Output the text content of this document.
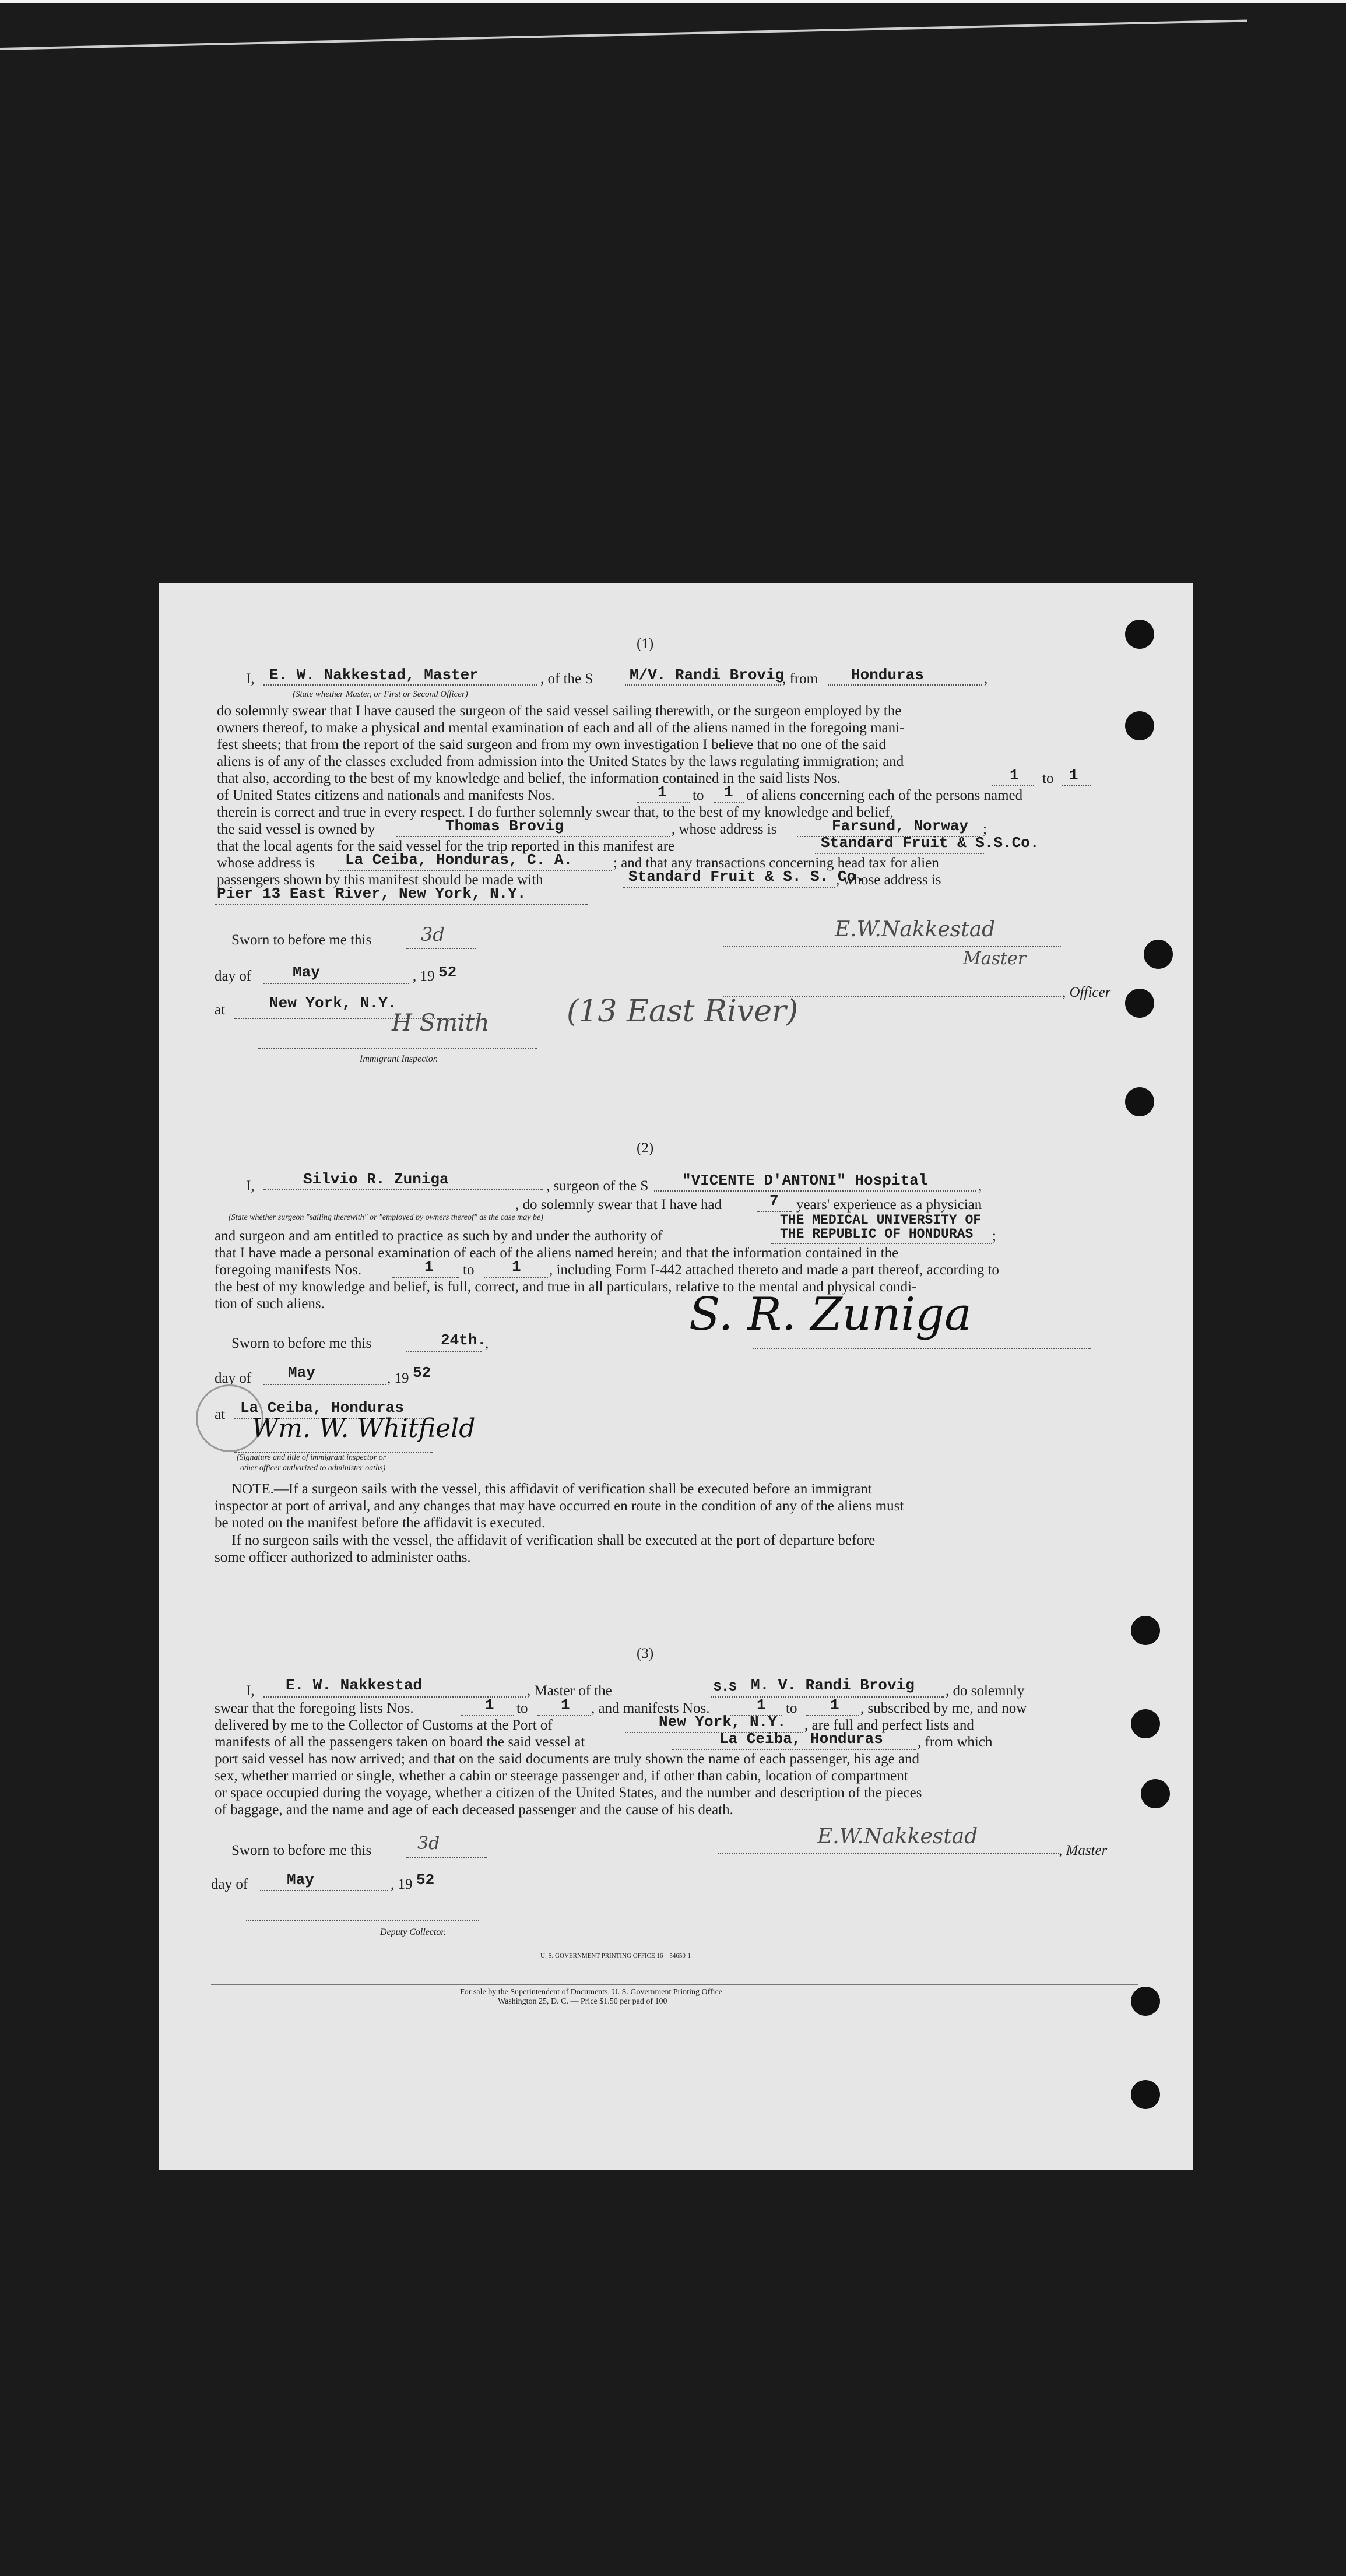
(1)
I, E. W. Nakkestad, Master	, of the S M/V. Randi Brovig
, from Honduras	,
(State whether Master, or First or Second Officer)
do solemnly swear that I have caused the surgeon of the said vessel sailing therewith, or the surgeon employed by the
owners thereof, to make a physical and mental examination of each and all of the aliens named in the foregoing mani-
fest sheets; that from the report of the said surgeon and from my own investigation I believe that no one of the said
aliens is of any of the classes excluded from admission into the United States by the laws regulating immigration; and
that also, according to the best of my knowledge and belief, the information contained in the said lists Nos.	1 to 1
of United States citizens and nationals and manifests Nos.	1 to 1 of aliens concerning each of the persons named
therein is correct and true in every respect. I do further solemnly swear that, to the best of my knowledge and belief,
the said vessel is owned by	Thomas Brovig	, whose address is	Farsund, Norway ;
that the local agents for the said vessel for the trip reported in this manifest are	Standard Fruit & S.S.Co.
whose address is La Ceiba, Honduras, C. A.	; and that any transactions concerning head tax for alien
passengers shown by this manifest should be made with	Standard Fruit & S. S. Co.
, whose address is
Pier 13 East River, New York, N.Y.
Sworn to before me this	3d	E.W.Nakkestad
Master
, Officer
day of	May	, 19 52
at	New York, N.Y.
H Smith	(13 East River)
Immigrant Inspector.
(2)
I,	Silvio R. Zuniga	, surgeon of the S "VICENTE D'ANTONI" Hospital	,
(State whether surgeon "sailing therewith" or "employed by owners thereof" as the case may be)
, do solemnly swear that I have had	7 years' experience as a physician
THE MEDICAL UNIVERSITY OF
and surgeon and am entitled to practice as such by and under the authority of	THE REPUBLIC OF HONDURAS ;
that I have made a personal examination of each of the aliens named herein; and that the information contained in the
foregoing manifests Nos.	1 to 1 , including Form I-442 attached thereto and made a part thereof, according to
the best of my knowledge and belief, is full, correct, and true in all particulars, relative to the mental and physical condi-
tion of such aliens.
Sworn to before me this	24th.
,
S. R. Zuniga
day of May	, 19 52
at La Ceiba, Honduras
Wm. W. Whitfield
(Signature and title of immigrant inspector or
other officer authorized to administer oaths)
NOTE.—If a surgeon sails with the vessel, this affidavit of verification shall be executed before an immigrant
inspector at port of arrival, and any changes that may have occurred en route in the condition of any of the aliens must
be noted on the manifest before the affidavit is executed.
If no surgeon sails with the vessel, the affidavit of verification shall be executed at the port of departure before
some officer authorized to administer oaths.
(3)
I, E. W. Nakkestad	, Master of the	S.S M. V. Randi Brovig , do solemnly
swear that the foregoing lists Nos.	1 to 1 , and manifests Nos.	1 to 1 , subscribed by me, and now
delivered by me to the Collector of Customs at the Port of	New York, N.Y. , are full and perfect lists and
manifests of all the passengers taken on board the said vessel at	La Ceiba, Honduras , from which
port said vessel has now arrived; and that on the said documents are truly shown the name of each passenger, his age and
sex, whether married or single, whether a cabin or steerage passenger and, if other than cabin, location of compartment
or space occupied during the voyage, whether a citizen of the United States, and the number and description of the pieces
of baggage, and the name and age of each deceased passenger and the cause of his death.
Sworn to before me this	3d	E.W.Nakkestad
, Master
day of	May	, 19 52
Deputy Collector.
U. S. GOVERNMENT PRINTING OFFICE 16—54650-1
For sale by the Superintendent of Documents, U. S. Government Printing Office
Washington 25, D. C. — Price $1.50 per pad of 100
